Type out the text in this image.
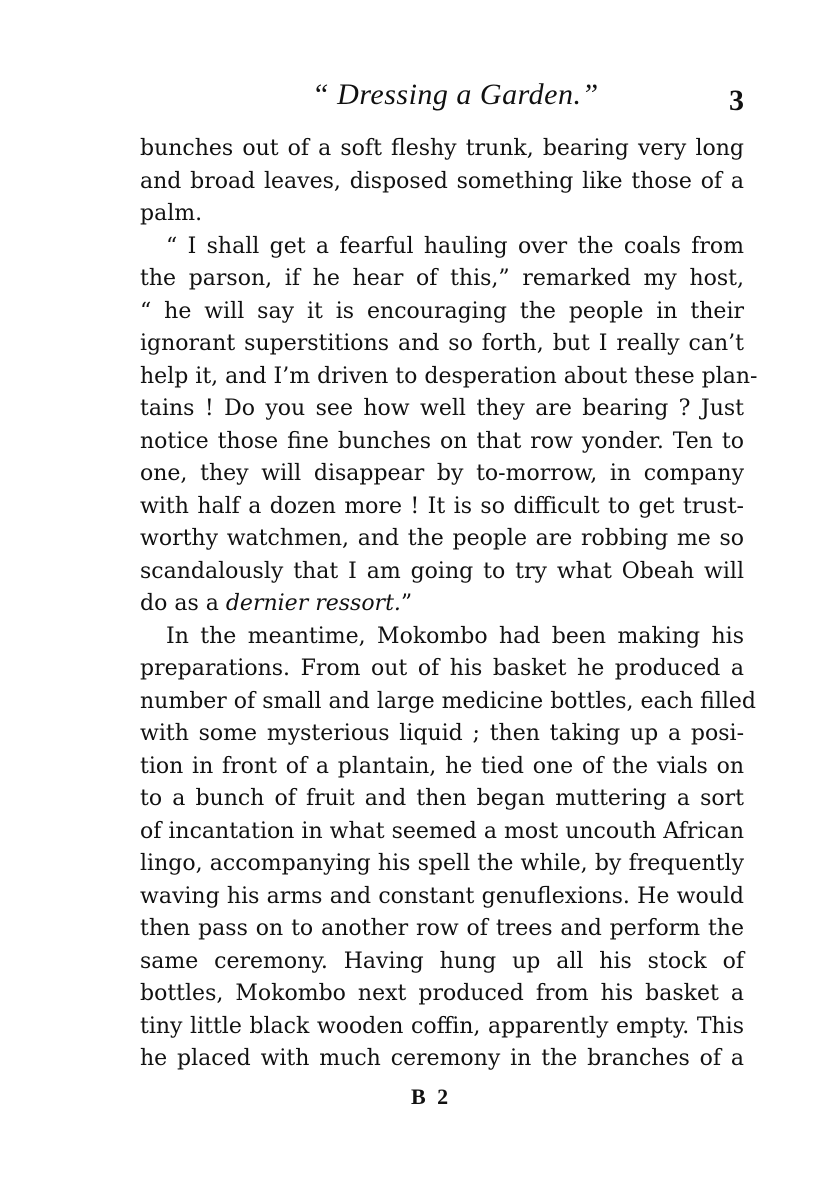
“ Dressing a Garden.”	3
bunches out of a soft fleshy trunk, bearing very long
and broad leaves, disposed something like those of a
palm.
“ I shall get a fearful hauling over the coals from
the parson, if he hear of this,” remarked my host,
“ he will say it is encouraging the people in their
ignorant superstitions and so forth, but I really can’t
help it, and I’m driven to desperation about these plan-
tains ! Do you see how well they are bearing ? Just
notice those fine bunches on that row yonder. Ten to
one, they will disappear by to-morrow, in company
with half a dozen more ! It is so difficult to get trust-
worthy watchmen, and the people are robbing me so
scandalously that I am going to try what Obeah will
do as a dernier ressort.”
In the meantime, Mokombo had been making his
preparations. From out of his basket he produced a
number of small and large medicine bottles, each filled
with some mysterious liquid ; then taking up a posi-
tion in front of a plantain, he tied one of the vials on
to a bunch of fruit and then began muttering a sort
of incantation in what seemed a most uncouth African
lingo, accompanying his spell the while, by frequently
waving his arms and constant genuflexions. He would
then pass on to another row of trees and perform the
same ceremony. Having hung up all his stock of
bottles, Mokombo next produced from his basket a
tiny little black wooden coffin, apparently empty. This
he placed with much ceremony in the branches of a
B 2
